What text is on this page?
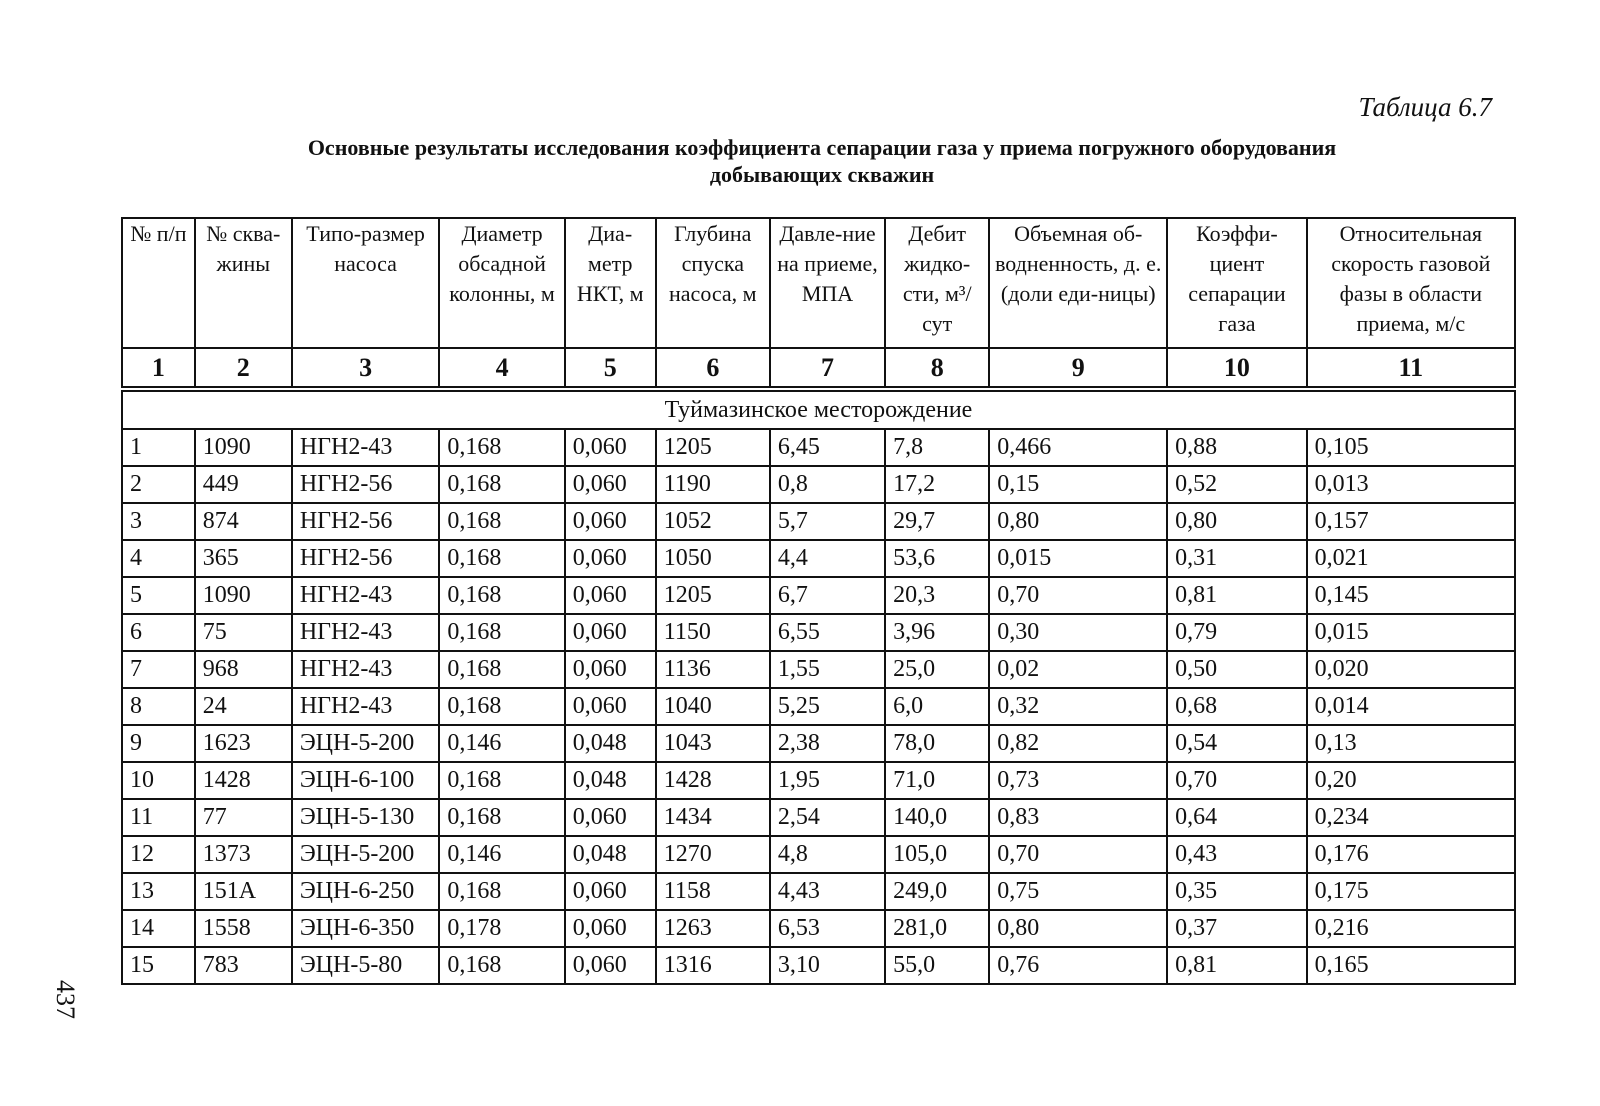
Таблица 6.7
Основные результаты исследования коэффициента сепарации газа у приема погружного оборудования
добывающих скважин
№ п/п	№ сква-жины	Типо-размер насоса	Диаметр обсадной колонны, м	Диа-метр НКТ, м	Глубина спуска насоса, м	Давле-ние на приеме, МПА	Дебит жидко-сти, м³/сут	Объемная об-водненность, д. е. (доли еди-ницы)	Коэффи-циент сепарации газа	Относительная скорость газовой фазы в области приема, м/с
1	2	3	4	5	6	7	8	9	10	11
Туймазинское месторождение										
1	1090	НГН2-43	0,168	0,060	1205	6,45	7,8	0,466	0,88	0,105
2	449	НГН2-56	0,168	0,060	1190	0,8	17,2	0,15	0,52	0,013
3	874	НГН2-56	0,168	0,060	1052	5,7	29,7	0,80	0,80	0,157
4	365	НГН2-56	0,168	0,060	1050	4,4	53,6	0,015	0,31	0,021
5	1090	НГН2-43	0,168	0,060	1205	6,7	20,3	0,70	0,81	0,145
6	75	НГН2-43	0,168	0,060	1150	6,55	3,96	0,30	0,79	0,015
7	968	НГН2-43	0,168	0,060	1136	1,55	25,0	0,02	0,50	0,020
8	24	НГН2-43	0,168	0,060	1040	5,25	6,0	0,32	0,68	0,014
9	1623	ЭЦН-5-200	0,146	0,048	1043	2,38	78,0	0,82	0,54	0,13
10	1428	ЭЦН-6-100	0,168	0,048	1428	1,95	71,0	0,73	0,70	0,20
11	77	ЭЦН-5-130	0,168	0,060	1434	2,54	140,0	0,83	0,64	0,234
12	1373	ЭЦН-5-200	0,146	0,048	1270	4,8	105,0	0,70	0,43	0,176
13	151А	ЭЦН-6-250	0,168	0,060	1158	4,43	249,0	0,75	0,35	0,175
14	1558	ЭЦН-6-350	0,178	0,060	1263	6,53	281,0	0,80	0,37	0,216
15	783	ЭЦН-5-80	0,168	0,060	1316	3,10	55,0	0,76	0,81	0,165
437
